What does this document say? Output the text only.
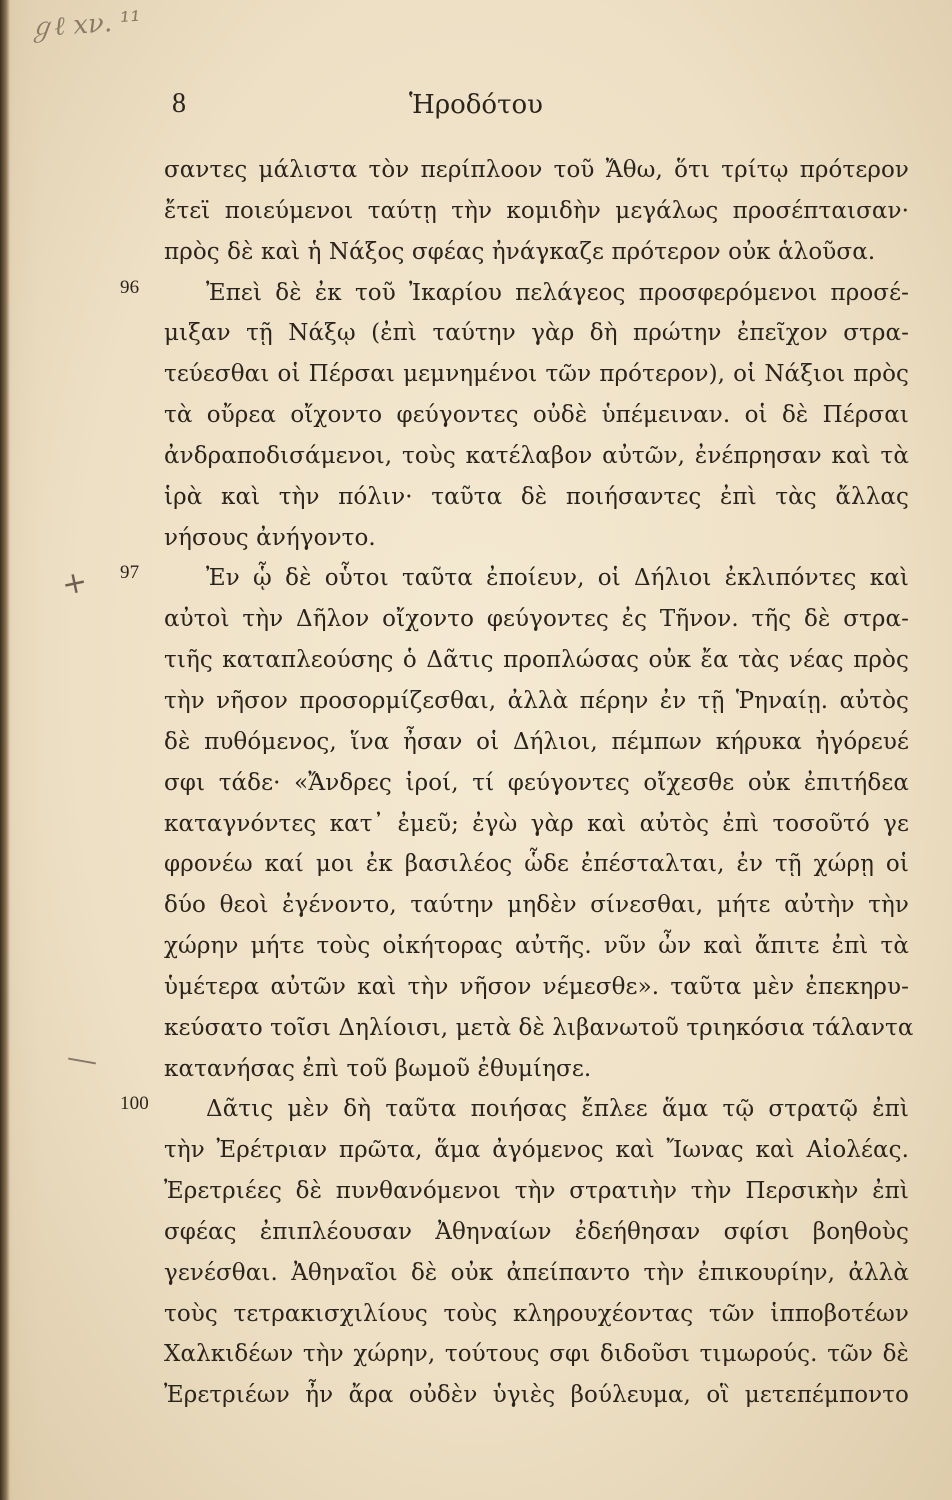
ℊℓ xν. ¹¹
8	Ἡροδότου
+
σαντες μάλιστα τὸν περίπλοον τοῦ Ἄθω, ὅτι τρίτῳ πρότερον
ἔτεϊ ποιεύμενοι ταύτῃ τὴν κομιδὴν μεγάλως προσέπταισαν·
πρὸς δὲ καὶ ἡ Νάξος σφέας ἠνάγκαζε πρότερον οὐκ ἁλοῦσα.
96	Ἐπεὶ δὲ ἐκ τοῦ Ἰκαρίου πελάγεος προσφερόμενοι προσέ-
μιξαν τῇ Νάξῳ (ἐπὶ ταύτην γὰρ δὴ πρώτην ἐπεῖχον στρα-
τεύεσθαι οἱ Πέρσαι μεμνημένοι τῶν πρότερον), οἱ Νάξιοι πρὸς
τὰ οὔρεα οἴχοντο φεύγοντες οὐδὲ ὑπέμειναν. οἱ δὲ Πέρσαι
ἀνδραποδισάμενοι, τοὺς κατέλαβον αὐτῶν, ἐνέπρησαν καὶ τὰ
ἱρὰ καὶ τὴν πόλιν· ταῦτα δὲ ποιήσαντες ἐπὶ τὰς ἄλλας
νήσους ἀνήγοντο.
97	Ἐν ᾧ δὲ οὗτοι ταῦτα ἐποίευν, οἱ Δήλιοι ἐκλιπόντες καὶ
αὐτοὶ τὴν Δῆλον οἴχοντο φεύγοντες ἐς Τῆνον. τῆς δὲ στρα-
τιῆς καταπλεούσης ὁ Δᾶτις προπλώσας οὐκ ἔα τὰς νέας πρὸς
τὴν νῆσον προσορμίζεσθαι, ἀλλὰ πέρην ἐν τῇ Ῥηναίῃ. αὐτὸς
δὲ πυθόμενος, ἵνα ἦσαν οἱ Δήλιοι, πέμπων κήρυκα ἠγόρευέ
σφι τάδε· «Ἄνδρες ἱροί, τί φεύγοντες οἴχεσθε οὐκ ἐπιτήδεα
καταγνόντες κατ᾽ ἐμεῦ; ἐγὼ γὰρ καὶ αὐτὸς ἐπὶ τοσοῦτό γε
φρονέω καί μοι ἐκ βασιλέος ὧδε ἐπέσταλται, ἐν τῇ χώρῃ οἱ
δύο θεοὶ ἐγένοντο, ταύτην μηδὲν σίνεσθαι, μήτε αὐτὴν τὴν
χώρην μήτε τοὺς οἰκήτορας αὐτῆς. νῦν ὦν καὶ ἄπιτε ἐπὶ τὰ
ὑμέτερα αὐτῶν καὶ τὴν νῆσον νέμεσθε». ταῦτα μὲν ἐπεκηρυ-
κεύσατο τοῖσι Δηλίοισι, μετὰ δὲ λιβανωτοῦ τριηκόσια τάλαντα
κατανήσας ἐπὶ τοῦ βωμοῦ ἐθυμίησε.
100 Δᾶτις μὲν δὴ ταῦτα ποιήσας ἔπλεε ἅμα τῷ στρατῷ ἐπὶ
τὴν Ἐρέτριαν πρῶτα, ἅμα ἀγόμενος καὶ Ἴωνας καὶ Αἰολέας.
Ἐρετριέες δὲ πυνθανόμενοι τὴν στρατιὴν τὴν Περσικὴν ἐπὶ
σφέας ἐπιπλέουσαν Ἀθηναίων ἐδεήθησαν σφίσι βοηθοὺς
γενέσθαι. Ἀθηναῖοι δὲ οὐκ ἀπείπαντο τὴν ἐπικουρίην, ἀλλὰ
τοὺς τετρακισχιλίους τοὺς κληρουχέοντας τῶν ἱπποβοτέων
Χαλκιδέων τὴν χώρην, τούτους σφι διδοῦσι τιμωρούς. τῶν δὲ
Ἐρετριέων ἦν ἄρα οὐδὲν ὑγιὲς βούλευμα, οἳ μετεπέμποντο
